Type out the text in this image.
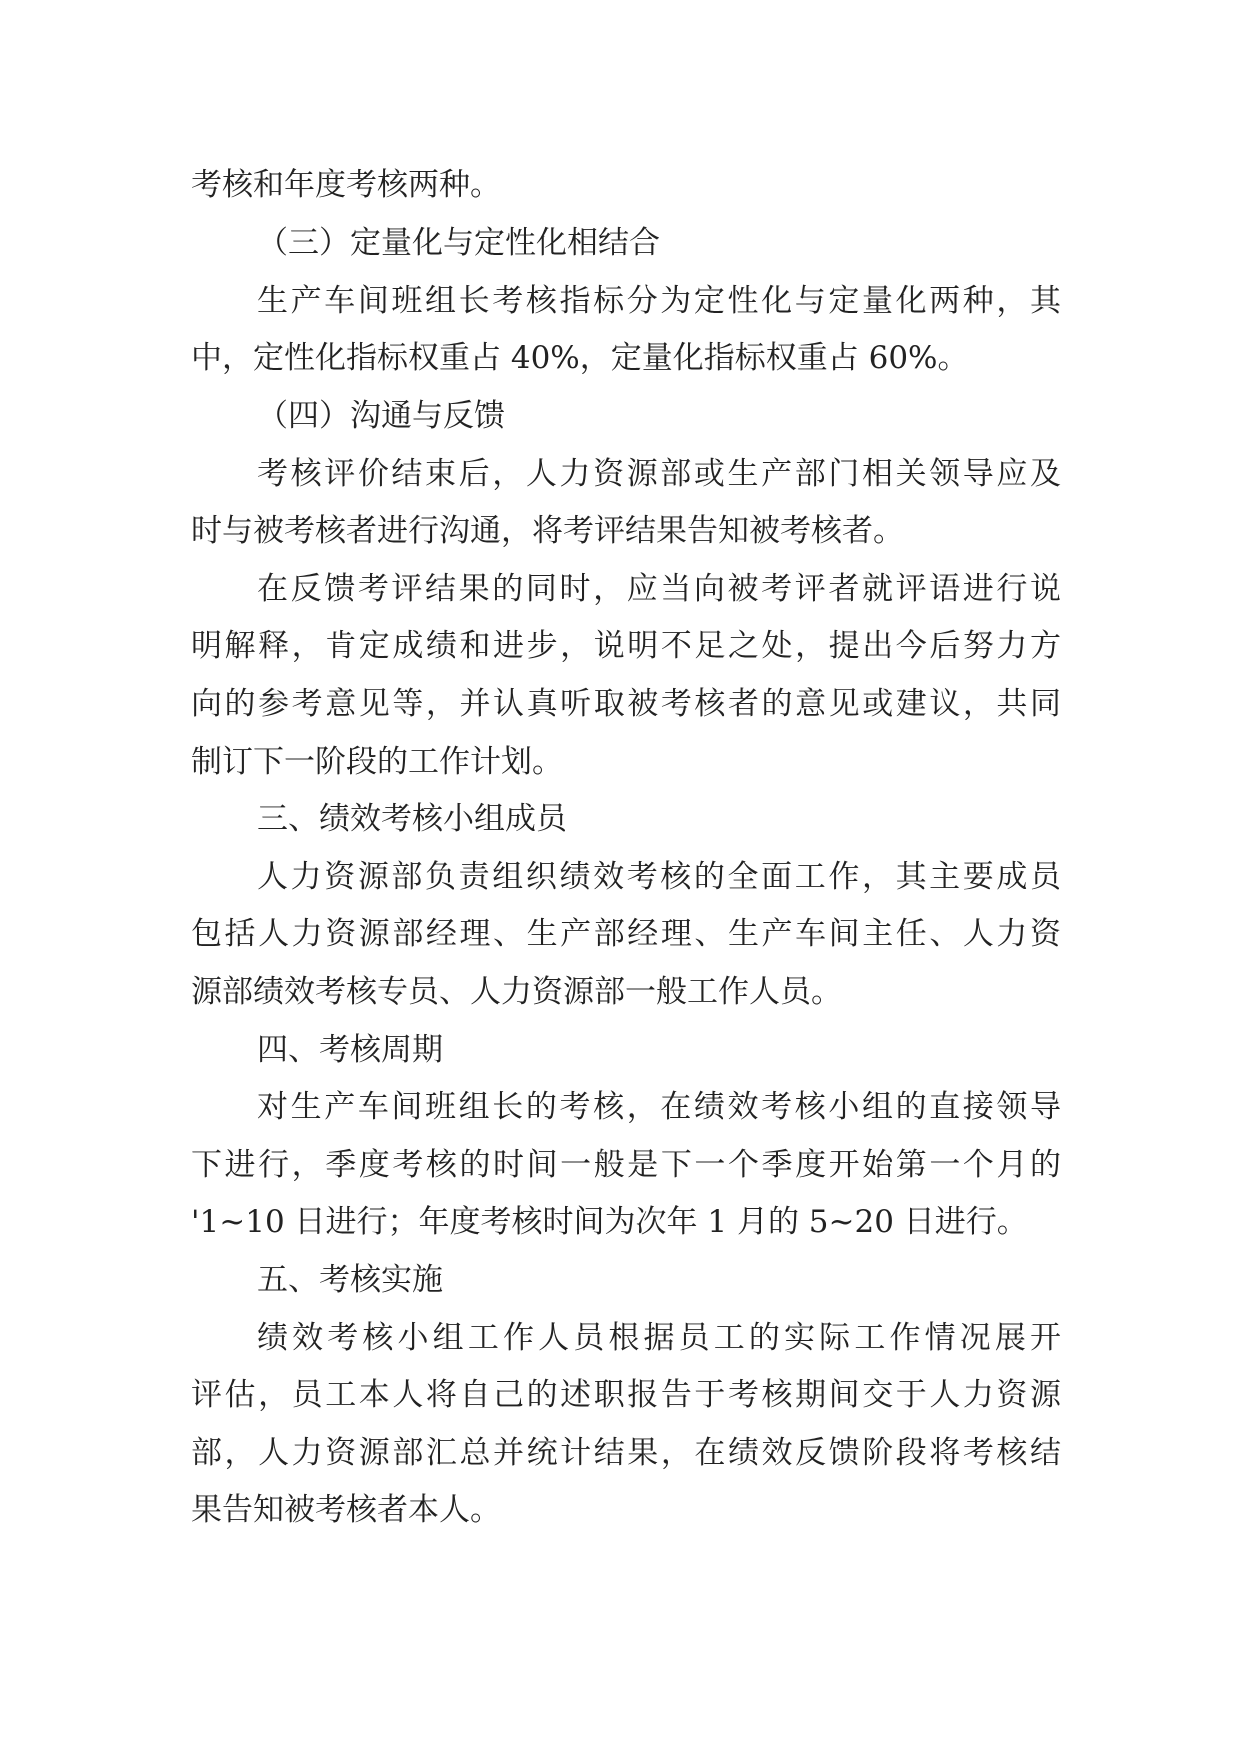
考核和年度考核两种。
（三）定量化与定性化相结合
生产车间班组长考核指标分为定性化与定量化两种，其
中，定性化指标权重占 40%，定量化指标权重占 60%。
（四）沟通与反馈
考核评价结束后，人力资源部或生产部门相关领导应及
时与被考核者进行沟通，将考评结果告知被考核者。
在反馈考评结果的同时，应当向被考评者就评语进行说
明解释，肯定成绩和进步，说明不足之处，提出今后努力方
向的参考意见等，并认真听取被考核者的意见或建议，共同
制订下一阶段的工作计划。
三、绩效考核小组成员
人力资源部负责组织绩效考核的全面工作，其主要成员
包括人力资源部经理、生产部经理、生产车间主任、人力资
源部绩效考核专员、人力资源部一般工作人员。
四、考核周期
对生产车间班组长的考核，在绩效考核小组的直接领导
下进行，季度考核的时间一般是下一个季度开始第一个月的
'1~10 日进行；年度考核时间为次年 1 月的 5~20 日进行。
五、考核实施
绩效考核小组工作人员根据员工的实际工作情况展开
评估，员工本人将自己的述职报告于考核期间交于人力资源
部，人力资源部汇总并统计结果，在绩效反馈阶段将考核结
果告知被考核者本人。
